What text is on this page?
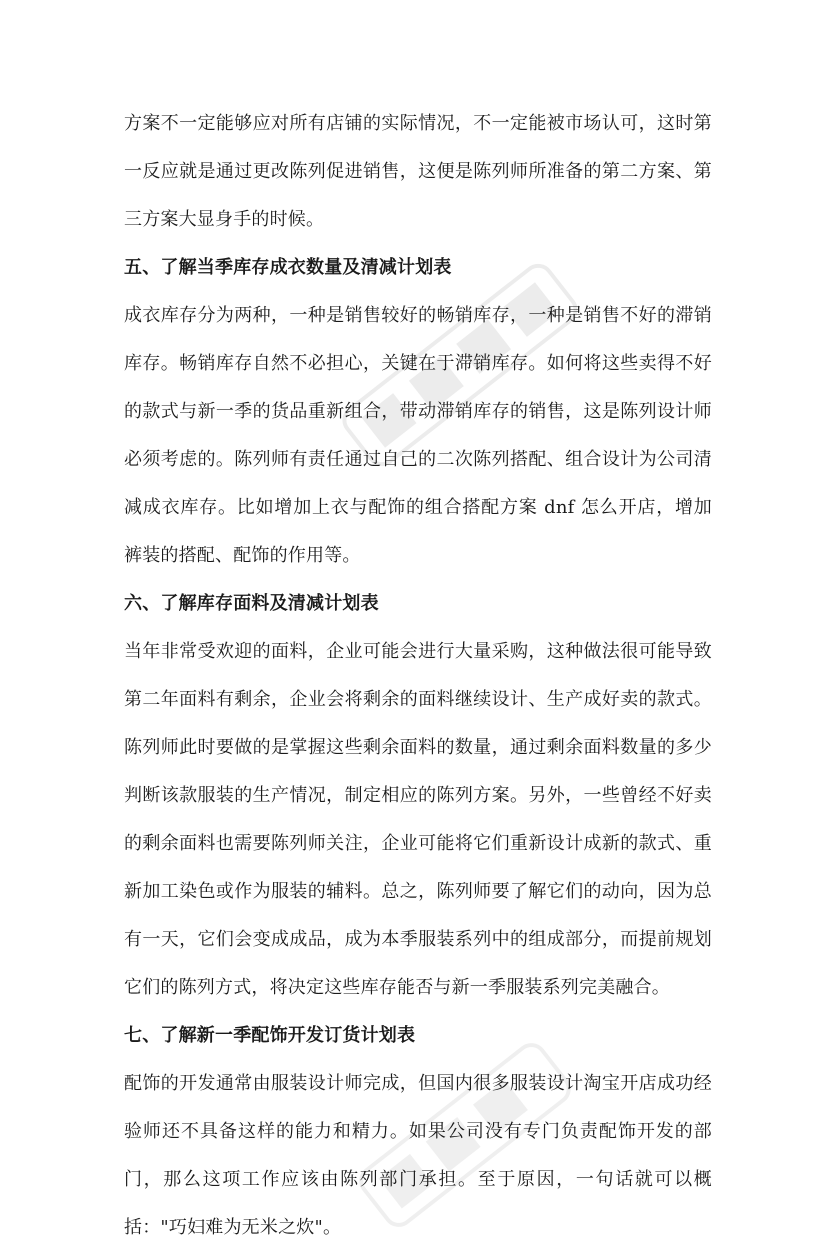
方案不一定能够应对所有店铺的实际情况，不一定能被市场认可，这时第一反应就是通过更改陈列促进销售，这便是陈列师所准备的第二方案、第三方案大显身手的时候。

五、了解当季库存成衣数量及清减计划表

成衣库存分为两种，一种是销售较好的畅销库存，一种是销售不好的滞销库存。畅销库存自然不必担心，关键在于滞销库存。如何将这些卖得不好的款式与新一季的货品重新组合，带动滞销库存的销售，这是陈列设计师必须考虑的。陈列师有责任通过自己的二次陈列搭配、组合设计为公司清减成衣库存。比如增加上衣与配饰的组合搭配方案 dnf 怎么开店，增加裤装的搭配、配饰的作用等。

六、了解库存面料及清减计划表

当年非常受欢迎的面料，企业可能会进行大量采购，这种做法很可能导致第二年面料有剩余，企业会将剩余的面料继续设计、生产成好卖的款式。陈列师此时要做的是掌握这些剩余面料的数量，通过剩余面料数量的多少判断该款服装的生产情况，制定相应的陈列方案。另外，一些曾经不好卖的剩余面料也需要陈列师关注，企业可能将它们重新设计成新的款式、重新加工染色或作为服装的辅料。总之，陈列师要了解它们的动向，因为总有一天，它们会变成成品，成为本季服装系列中的组成部分，而提前规划它们的陈列方式，将决定这些库存能否与新一季服装系列完美融合。

七、了解新一季配饰开发订货计划表

配饰的开发通常由服装设计师完成，但国内很多服装设计淘宝开店成功经验师还不具备这样的能力和精力。如果公司没有专门负责配饰开发的部门，那么这项工作应该由陈列部门承担。至于原因，一句话就可以概括："巧妇难为无米之炊"。
